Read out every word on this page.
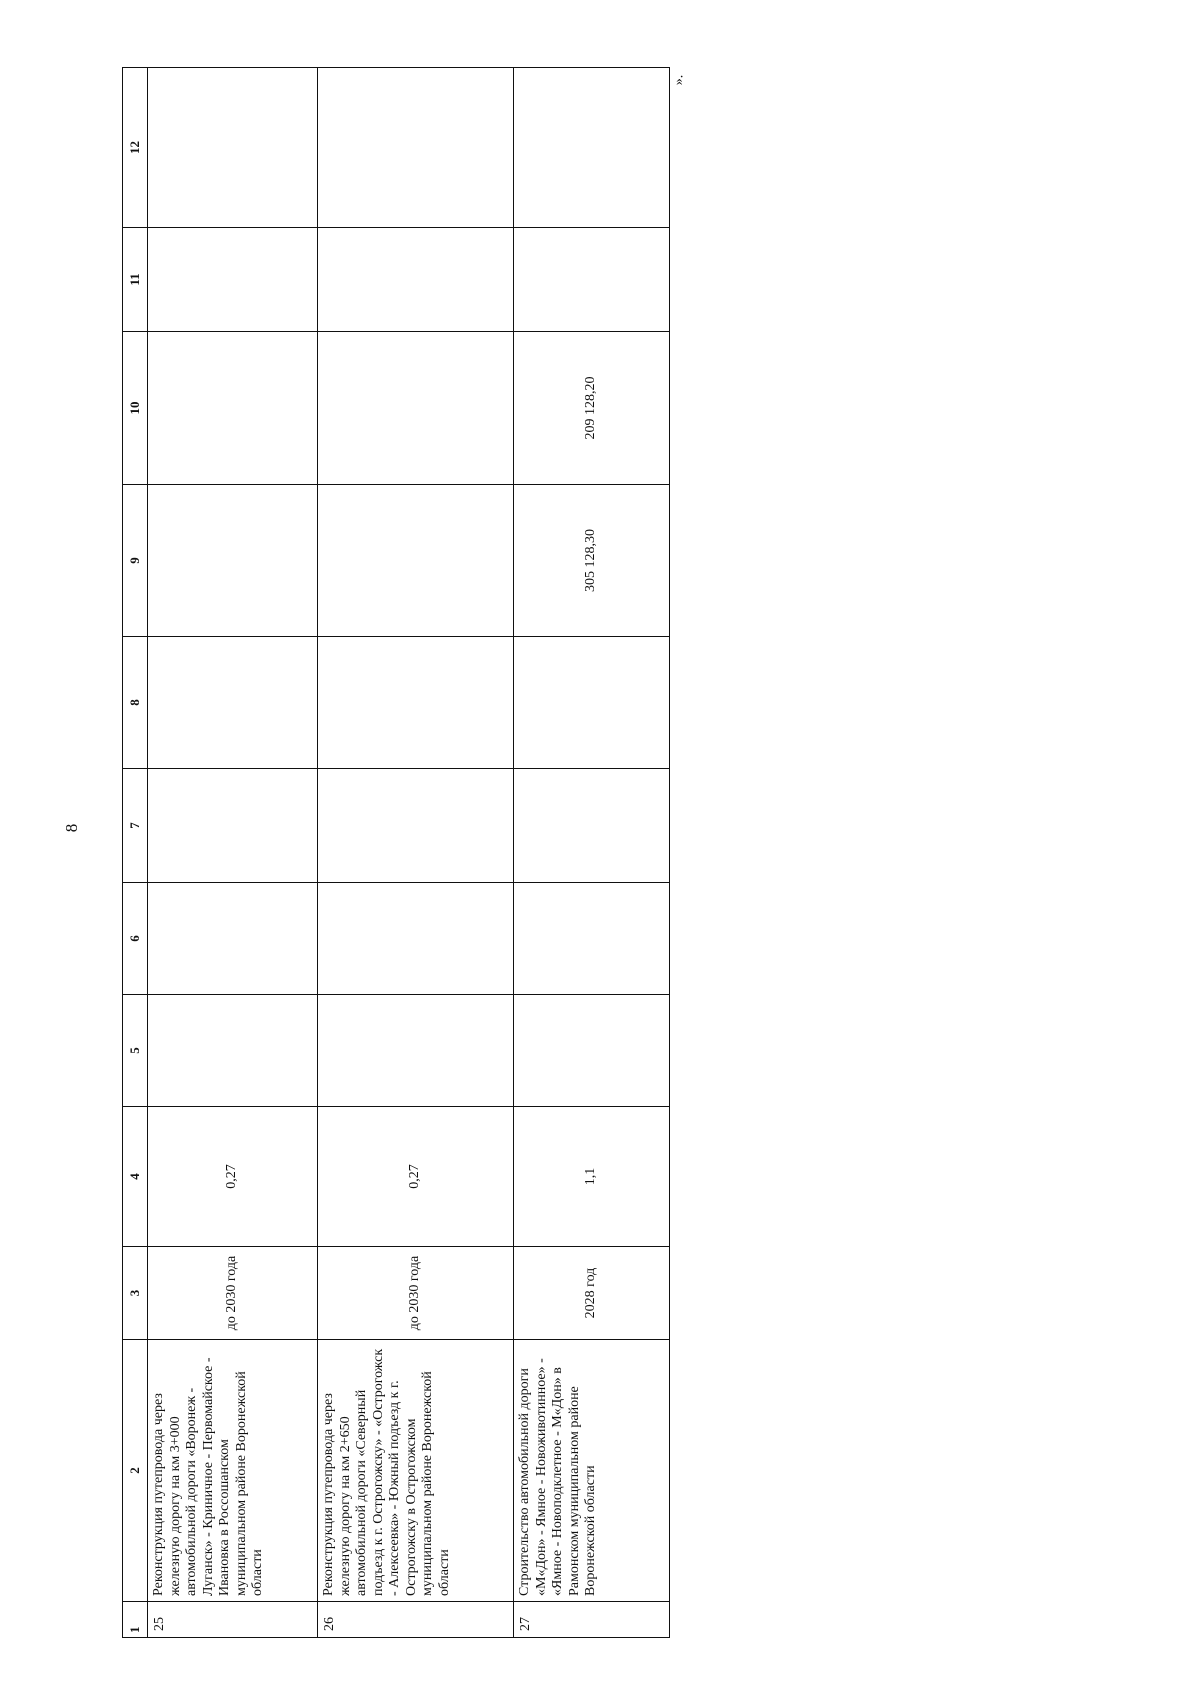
8
».
1	2	3	4	5	6	7	8	9	10	11	12
25	Реконструкция путепровода через железную дорогу на км 3+000 автомобильной дороги «Воронеж - Луганск» - Криничное - Первомайское - Ивановка в Россошанском муниципальном районе Воронежской области	до 2030 года	0,27								
26	Реконструкция путепровода через железную дорогу на км 2+650 автомобильной дороги «Северный подъезд к г. Острогожску» - «Острогожск - Алексеевка» - Южный подъезд к г. Острогожску в Острогожском муниципальном районе Воронежской области	до 2030 года	0,27								
27	Строительство автомобильной дороги «М«Дон» - Ямное - Новоживотинное» - «Ямное - Новоподклетное - М«Дон» в Рамонском муниципальном районе Воронежской области	2028 год	1,1					305 128,30	209 128,20		
